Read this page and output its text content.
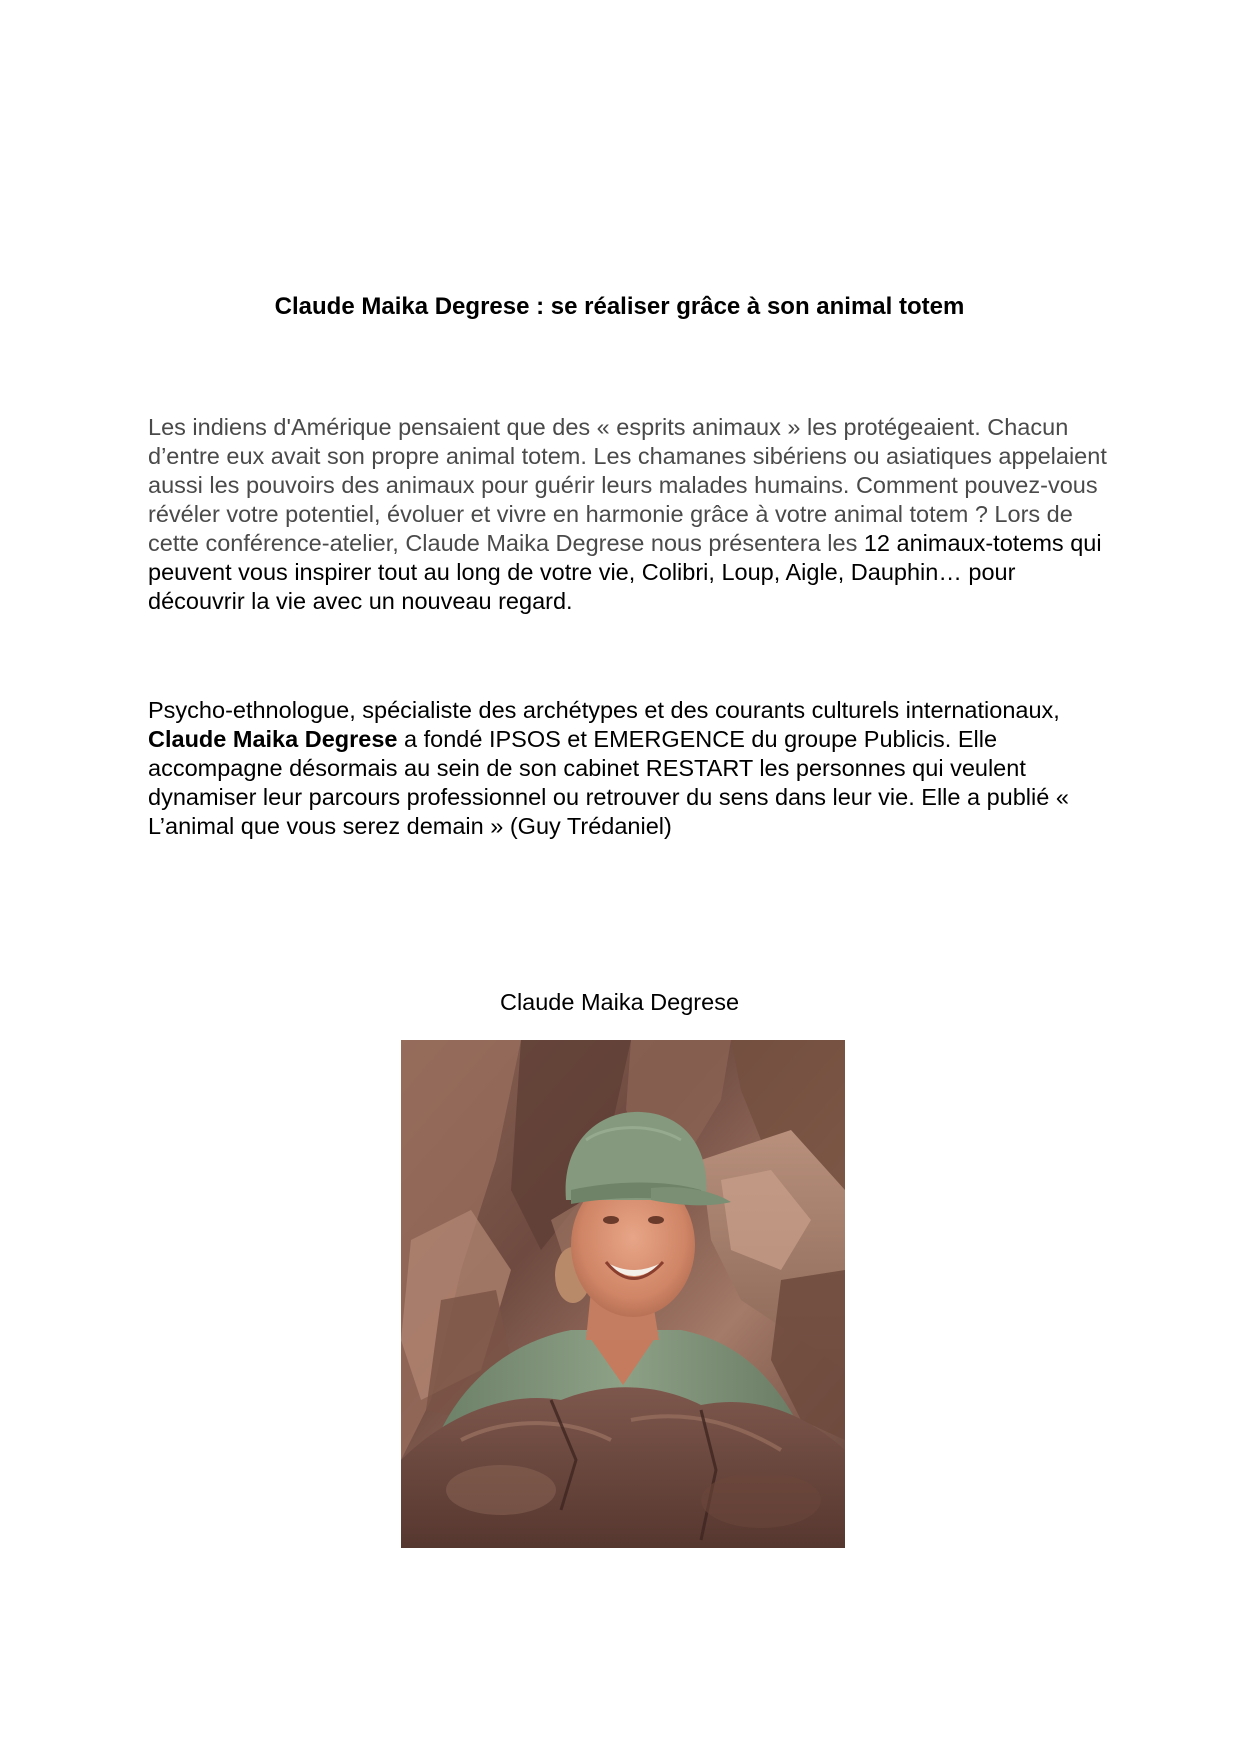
Claude Maika Degrese : se réaliser grâce à son animal totem

Les indiens d'Amérique pensaient que des « esprits animaux » les protégeaient. Chacun d’entre eux avait son propre animal totem. Les chamanes sibériens ou asiatiques appelaient aussi les pouvoirs des animaux pour guérir leurs malades humains. Comment pouvez-vous révéler votre potentiel, évoluer et vivre en harmonie grâce à votre animal totem ? Lors de cette conférence-atelier, Claude Maika Degrese nous présentera les 12 animaux-totems qui peuvent vous inspirer tout au long de votre vie, Colibri, Loup, Aigle, Dauphin… pour découvrir la vie avec un nouveau regard.

Psycho-ethnologue, spécialiste des archétypes et des courants culturels internationaux, Claude Maika Degrese a fondé IPSOS et EMERGENCE du groupe Publicis. Elle accompagne désormais au sein de son cabinet RESTART les personnes qui veulent dynamiser leur parcours professionnel ou retrouver du sens dans leur vie. Elle a publié « L’animal que vous serez demain » (Guy Trédaniel)

Claude Maika Degrese
